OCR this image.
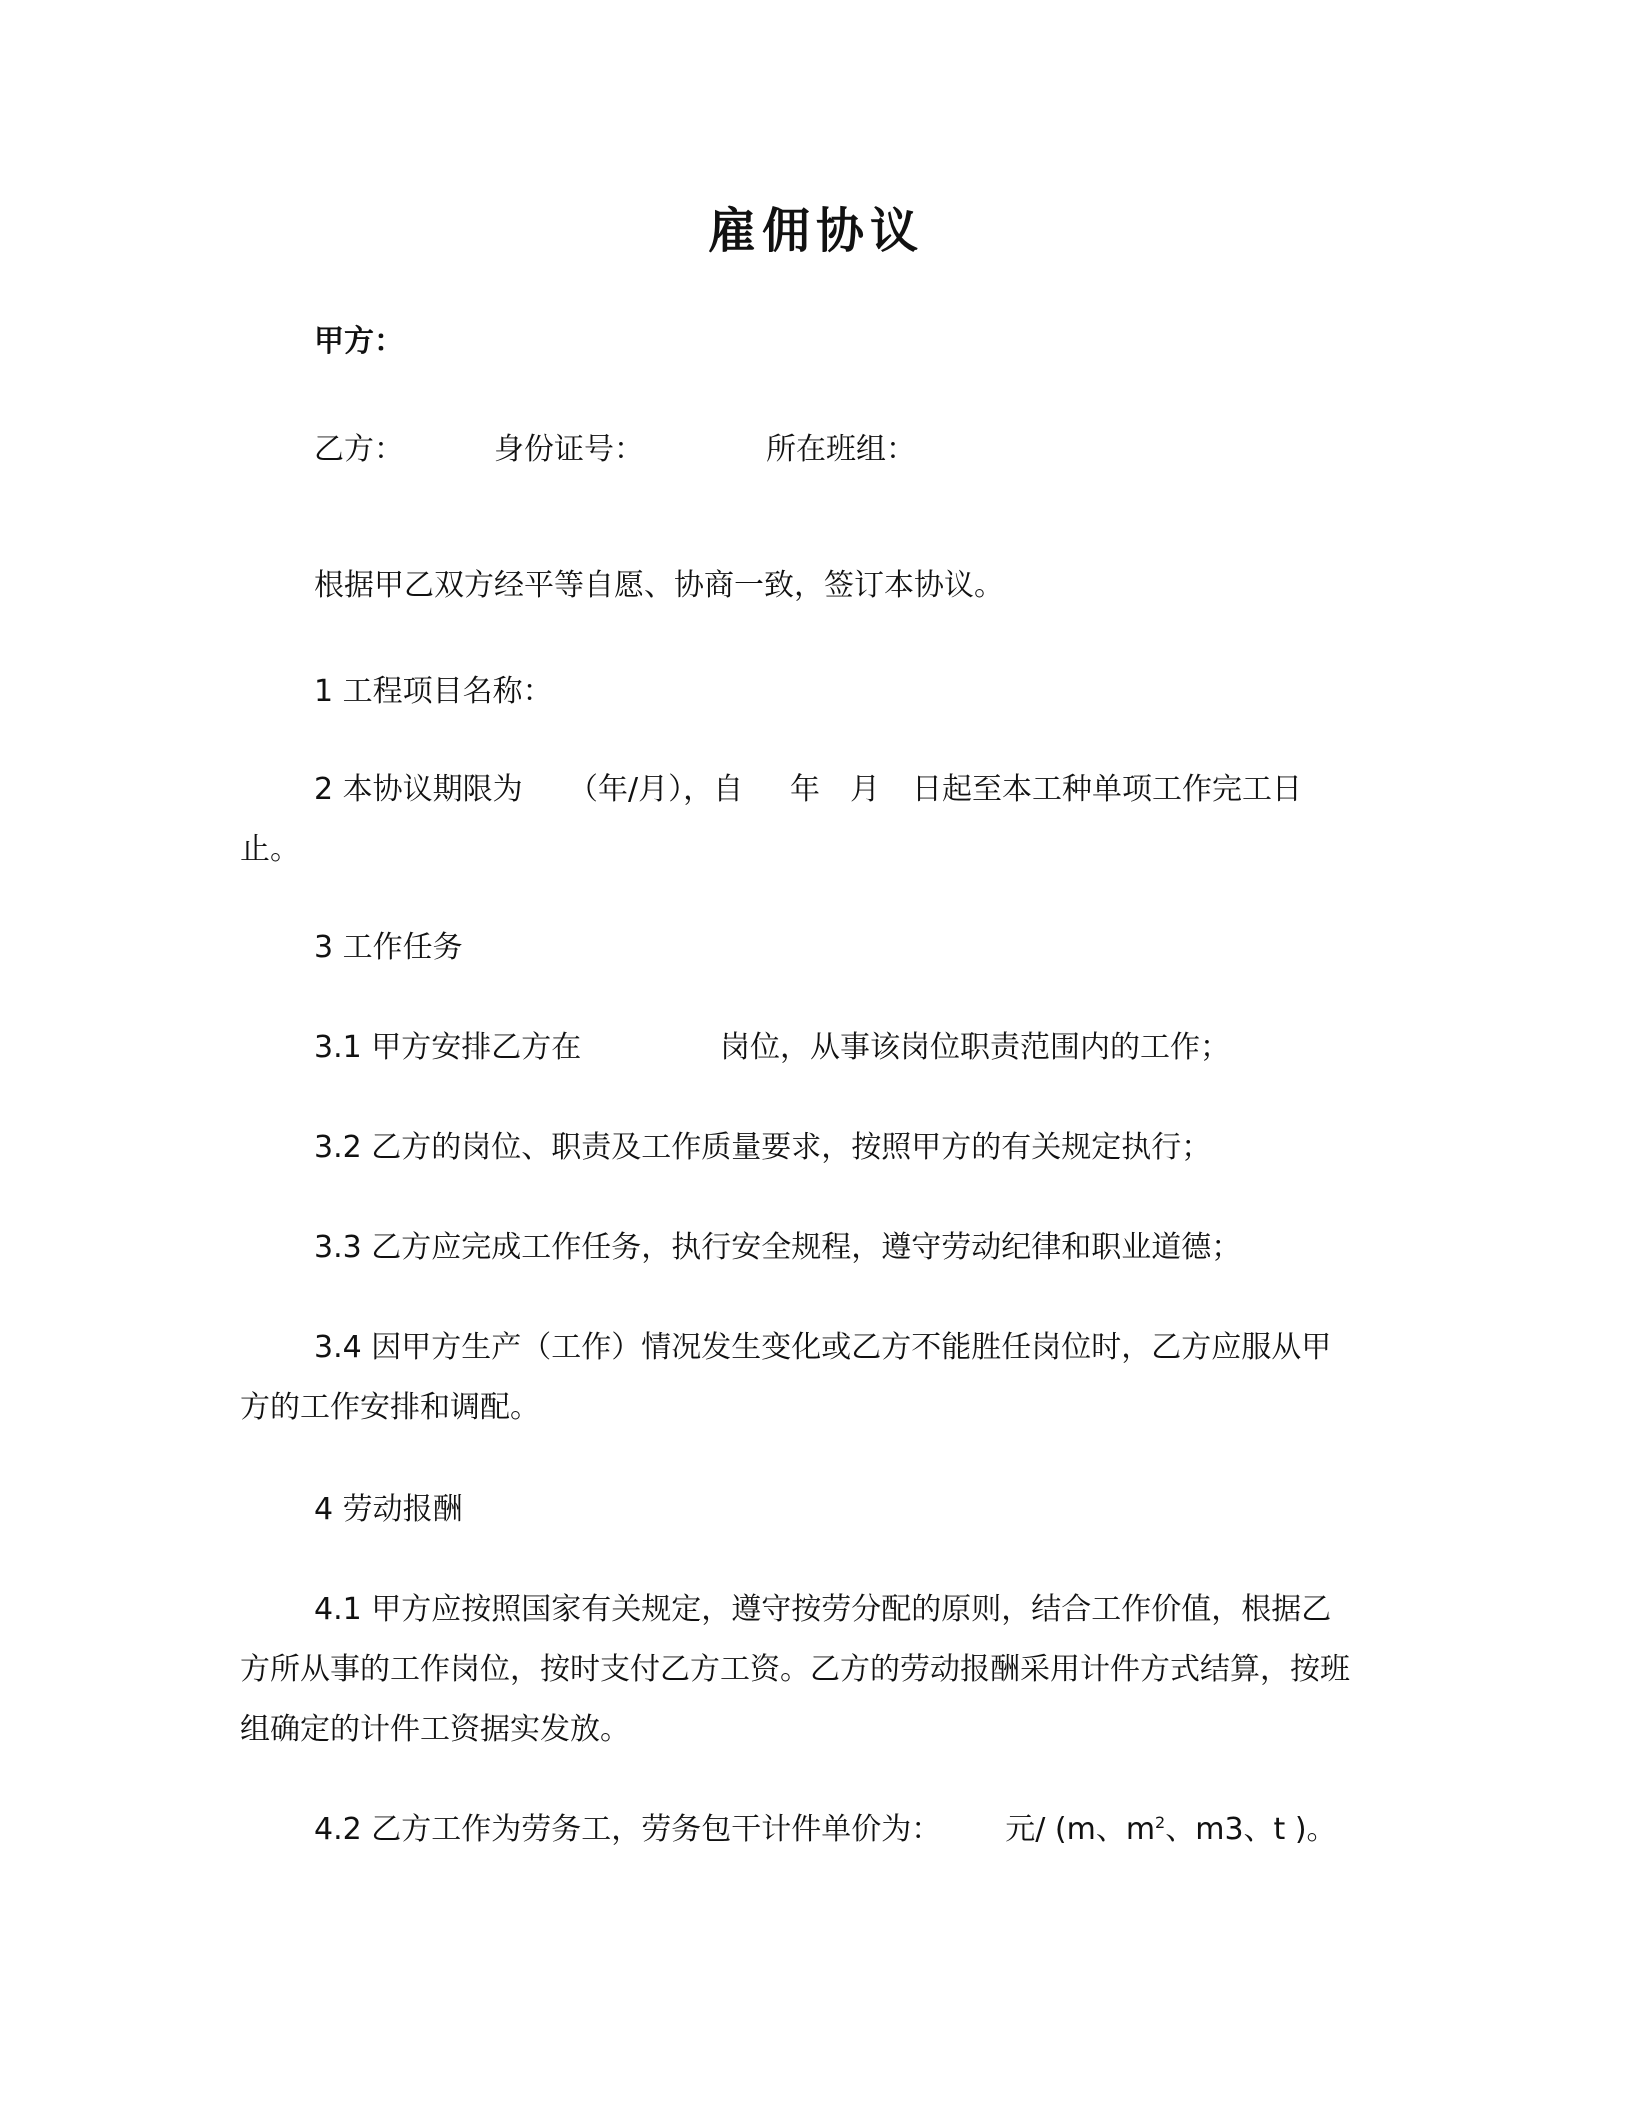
雇佣协议
甲方：
乙方：	身份证号：	所在班组：
根据甲乙双方经平等自愿、协商一致，签订本协议。
1 工程项目名称：
2 本协议期限为 （年/月），自 年 月	日起至本工种单项工作完工日止。
3 工作任务
3.1 甲方安排乙方在	岗位，从事该岗位职责范围内的工作；
3.2 乙方的岗位、职责及工作质量要求，按照甲方的有关规定执行；
3.3 乙方应完成工作任务，执行安全规程，遵守劳动纪律和职业道德；
3.4 因甲方生产（工作）情况发生变化或乙方不能胜任岗位时，乙方应服从甲方的工作安排和调配。
4 劳动报酬
4.1 甲方应按照国家有关规定，遵守按劳分配的原则，结合工作价值，根据乙方所从事的工作岗位，按时支付乙方工资。乙方的劳动报酬采用计件方式结算，按班组确定的计件工资据实发放。
4.2 乙方工作为劳务工，劳务包干计件单价为： 元/ (m、$m^2$、m3、t )。
